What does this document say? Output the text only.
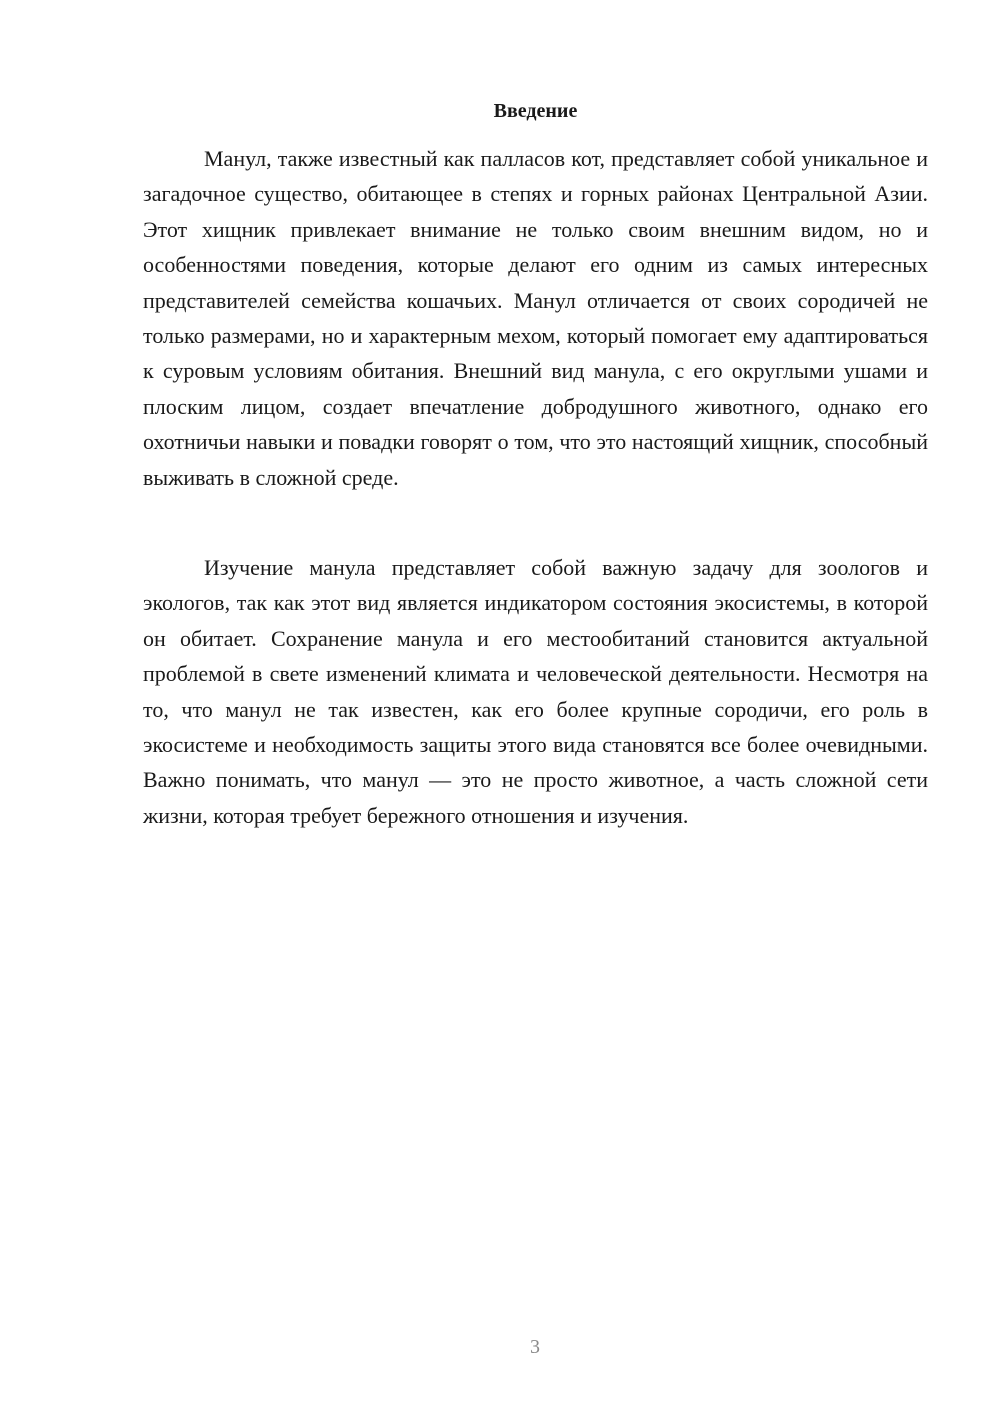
Введение

Манул, также известный как палласов кот, представляет собой уникальное и загадочное существо, обитающее в степях и горных районах Центральной Азии. Этот хищник привлекает внимание не только своим внешним видом, но и особенностями поведения, которые делают его одним из самых интересных представителей семейства кошачьих. Манул отличается от своих сородичей не только размерами, но и характерным мехом, который помогает ему адаптироваться к суровым условиям обитания. Внешний вид манула, с его округлыми ушами и плоским лицом, создает впечатление добродушного животного, однако его охотничьи навыки и повадки говорят о том, что это настоящий хищник, способный выживать в сложной среде.

Изучение манула представляет собой важную задачу для зоологов и экологов, так как этот вид является индикатором состояния экосистемы, в которой он обитает. Сохранение манула и его местообитаний становится актуальной проблемой в свете изменений климата и человеческой деятельности. Несмотря на то, что манул не так известен, как его более крупные сородичи, его роль в экосистеме и необходимость защиты этого вида становятся все более очевидными. Важно понимать, что манул — это не просто животное, а часть сложной сети жизни, которая требует бережного отношения и изучения.

3
